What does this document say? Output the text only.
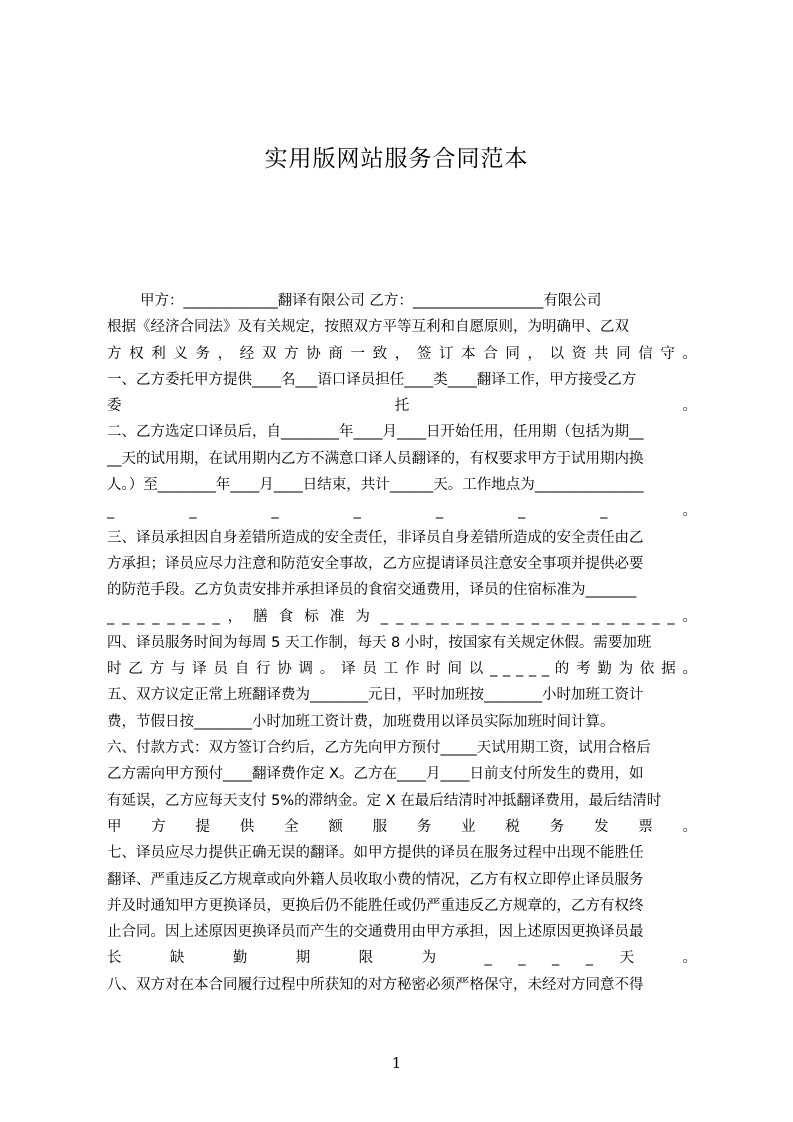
实用版网站服务合同范本
甲方：_____________翻译有限公司 乙方：__________________有限公司
根据《经济合同法》及有关规定，按照双方平等互利和自愿原则，为明确甲、乙双
方 权 利 义 务 ， 经 双 方 协 商 一 致 ， 签 订 本 合 同 ， 以 资 共 同 信 守 。
一、乙方委托甲方提供____名___语口译员担任____类____翻译工作，甲方接受乙方
委 托 。
二、乙方选定口译员后，自________年____月____日开始任用，任用期（包括为期__
__天的试用期，在试用期内乙方不满意口译人员翻译的，有权要求甲方于试用期内换
人。）至________年____月____日结束，共计______天。工作地点为_______________
_ _ _ _ _ _ _ 。
三、译员承担因自身差错所造成的安全责任，非译员自身差错所造成的安全责任由乙
方承担；译员应尽力注意和防范安全事故，乙方应提请译员注意安全事项并提供必要
的防范手段。乙方负责安排并承担译员的食宿交通费用，译员的住宿标准为_______
_ _ _ _ _ _ _ _ ， 膳 食 标 准 为 _ _ _ _ _ _ _ _ _ _ _ _ _ _ _ _ _ _ _ _ 。
四、译员服务时间为每周 5 天工作制，每天 8 小时，按国家有关规定休假。需要加班
时 乙 方 与 译 员 自 行 协 调 。 译 员 工 作 时 间 以 _ _ _ _ _ 的 考 勤 为 依 据 。
五、双方议定正常上班翻译费为________元日，平时加班按________小时加班工资计
费，节假日按________小时加班工资计费，加班费用以译员实际加班时间计算。
六、付款方式：双方签订合约后，乙方先向甲方预付_____天试用期工资，试用合格后
乙方需向甲方预付____翻译费作定 X。乙方在____月____日前支付所发生的费用，如
有延误，乙方应每天支付 5%的滞纳金。定 X 在最后结清时冲抵翻译费用，最后结清时
甲 方 提 供 全 额 服 务 业 税 务 发 票 。
七、译员应尽力提供正确无误的翻译。如甲方提供的译员在服务过程中出现不能胜任
翻译、严重违反乙方规章或向外籍人员收取小费的情况，乙方有权立即停止译员服务
并及时通知甲方更换译员，更换后仍不能胜任或仍严重违反乙方规章的，乙方有权终
止合同。因上述原因更换译员而产生的交通费用由甲方承担，因上述原因更换译员最
长 缺 勤 期 限 为 _ _ _ _ 天 。
八、双方对在本合同履行过程中所获知的对方秘密必须严格保守，未经对方同意不得
1
